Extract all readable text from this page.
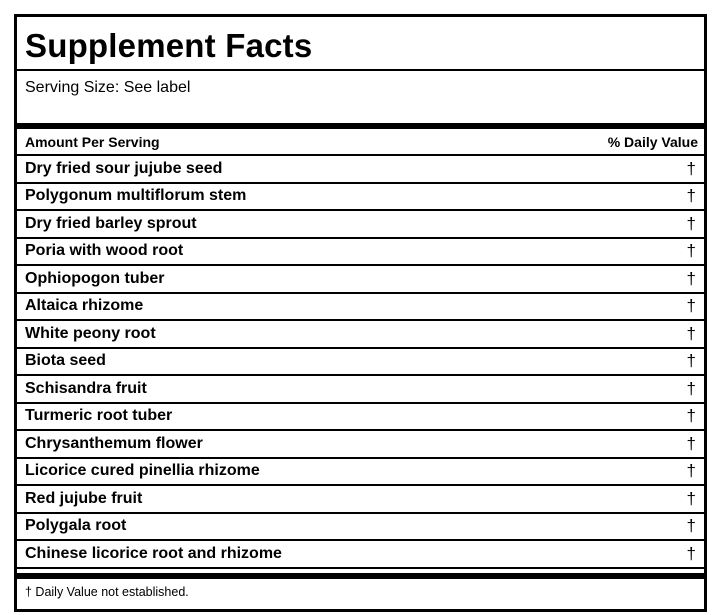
Supplement Facts
Serving Size: See label
Amount Per Serving	% Daily Value
Dry fried sour jujube seed	†
Polygonum multiflorum stem	†
Dry fried barley sprout	†
Poria with wood root	†
Ophiopogon tuber	†
Altaica rhizome	†
White peony root	†
Biota seed	†
Schisandra fruit	†
Turmeric root tuber	†
Chrysanthemum flower	†
Licorice cured pinellia rhizome	†
Red jujube fruit	†
Polygala root	†
Chinese licorice root and rhizome	†
† Daily Value not established.
